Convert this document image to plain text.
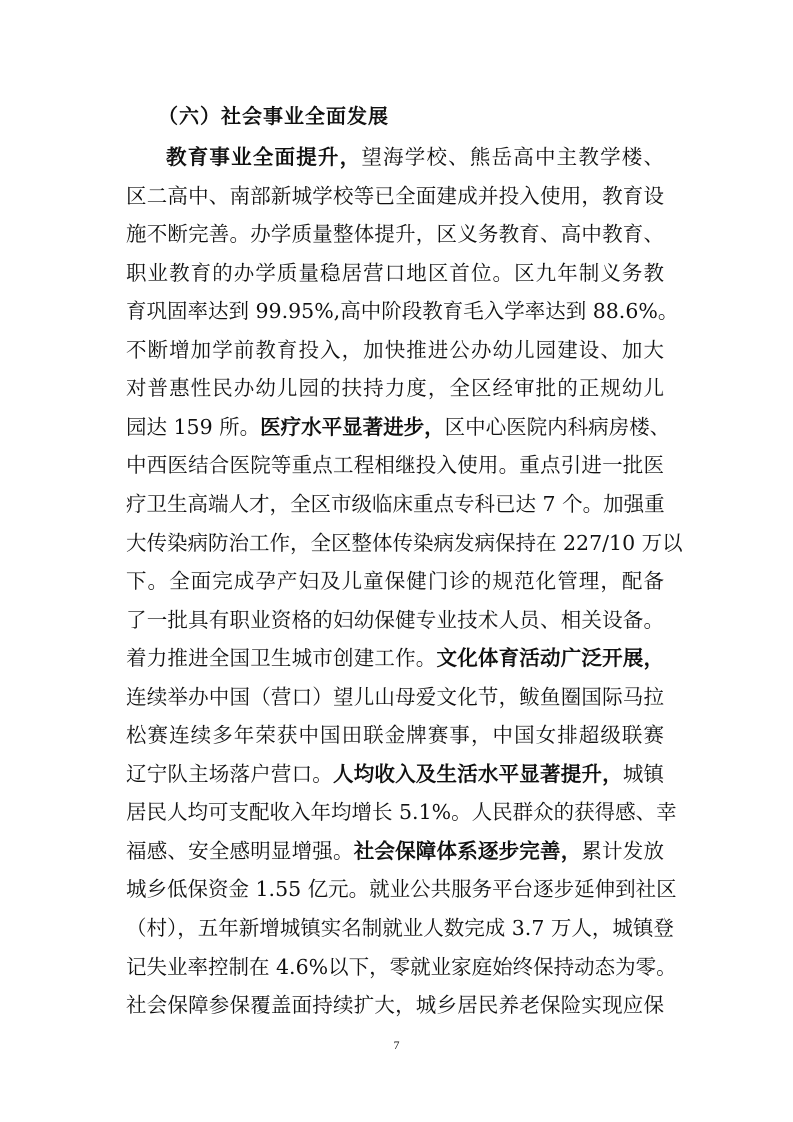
（六）社会事业全面发展
教育事业全面提升，望海学校、熊岳高中主教学楼、
区二高中、南部新城学校等已全面建成并投入使用，教育设
施不断完善。办学质量整体提升，区义务教育、高中教育、
职业教育的办学质量稳居营口地区首位。区九年制义务教
育巩固率达到 99.95%,高中阶段教育毛入学率达到 88.6%。
不断增加学前教育投入，加快推进公办幼儿园建设、加大
对普惠性民办幼儿园的扶持力度，全区经审批的正规幼儿
园达 159 所。医疗水平显著进步，区中心医院内科病房楼、
中西医结合医院等重点工程相继投入使用。重点引进一批医
疗卫生高端人才，全区市级临床重点专科已达 7 个。加强重
大传染病防治工作，全区整体传染病发病保持在 227/10 万以
下。全面完成孕产妇及儿童保健门诊的规范化管理，配备
了一批具有职业资格的妇幼保健专业技术人员、相关设备。
着力推进全国卫生城市创建工作。文化体育活动广泛开展，
连续举办中国（营口）望儿山母爱文化节，鲅鱼圈国际马拉
松赛连续多年荣获中国田联金牌赛事，中国女排超级联赛
辽宁队主场落户营口。人均收入及生活水平显著提升，城镇
居民人均可支配收入年均增长 5.1%。人民群众的获得感、幸
福感、安全感明显增强。社会保障体系逐步完善，累计发放
城乡低保资金 1.55 亿元。就业公共服务平台逐步延伸到社区
（村），五年新增城镇实名制就业人数完成 3.7 万人，城镇登
记失业率控制在 4.6%以下，零就业家庭始终保持动态为零。
社会保障参保覆盖面持续扩大，城乡居民养老保险实现应保
7
